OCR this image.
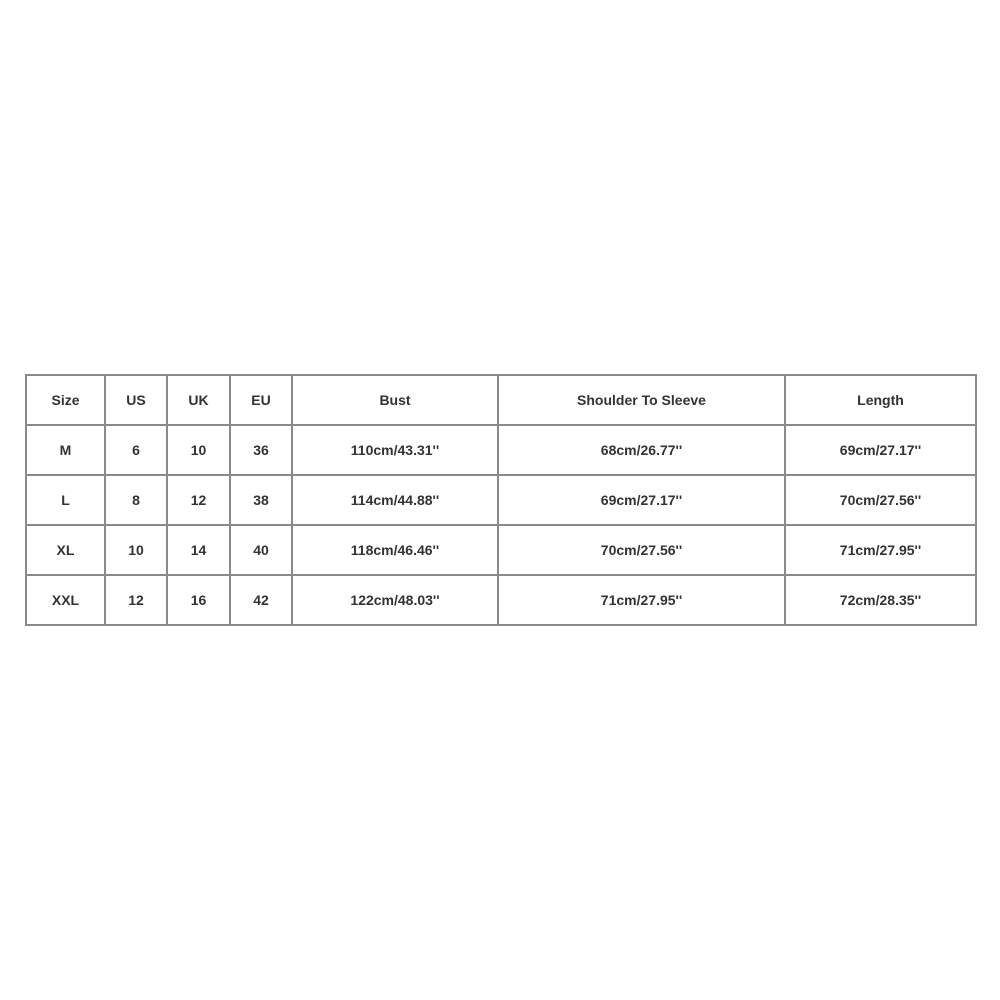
Size	US	UK	EU	Bust	Shoulder To Sleeve	Length
M	6	10	36	110cm/43.31''	68cm/26.77''	69cm/27.17''
L	8	12	38	114cm/44.88''	69cm/27.17''	70cm/27.56''
XL	10	14	40	118cm/46.46''	70cm/27.56''	71cm/27.95''
XXL	12	16	42	122cm/48.03''	71cm/27.95''	72cm/28.35''
